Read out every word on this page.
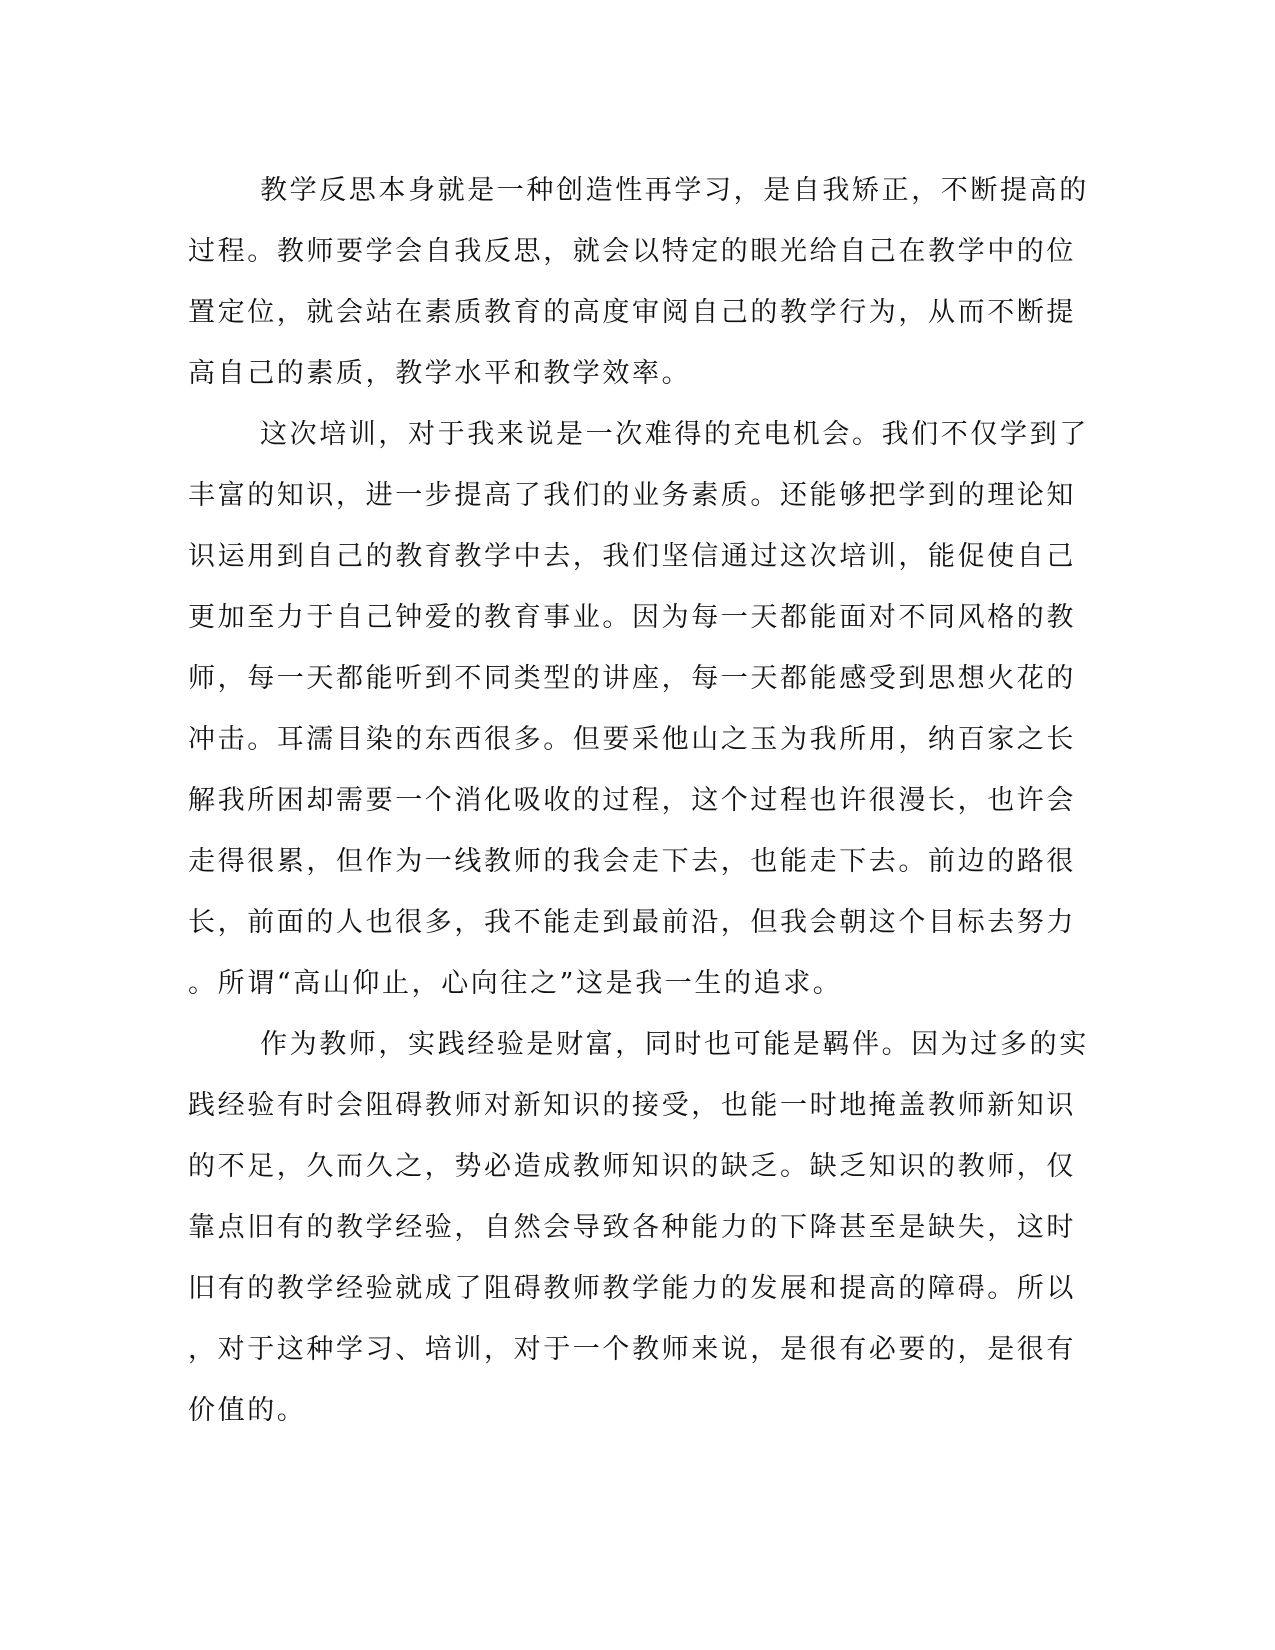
教学反思本身就是一种创造性再学习，是自我矫正，不断提高的
过程。教师要学会自我反思，就会以特定的眼光给自己在教学中的位
置定位，就会站在素质教育的高度审阅自己的教学行为，从而不断提
高自己的素质，教学水平和教学效率。
这次培训，对于我来说是一次难得的充电机会。我们不仅学到了
丰富的知识，进一步提高了我们的业务素质。还能够把学到的理论知
识运用到自己的教育教学中去，我们坚信通过这次培训，能促使自己
更加至力于自己钟爱的教育事业。因为每一天都能面对不同风格的教
师，每一天都能听到不同类型的讲座，每一天都能感受到思想火花的
冲击。耳濡目染的东西很多。但要采他山之玉为我所用，纳百家之长
解我所困却需要一个消化吸收的过程，这个过程也许很漫长，也许会
走得很累，但作为一线教师的我会走下去，也能走下去。前边的路很
长，前面的人也很多，我不能走到最前沿，但我会朝这个目标去努力
。所谓“高山仰止，心向往之”这是我一生的追求。
作为教师，实践经验是财富，同时也可能是羁伴。因为过多的实
践经验有时会阻碍教师对新知识的接受，也能一时地掩盖教师新知识
的不足，久而久之，势必造成教师知识的缺乏。缺乏知识的教师，仅
靠点旧有的教学经验，自然会导致各种能力的下降甚至是缺失，这时
旧有的教学经验就成了阻碍教师教学能力的发展和提高的障碍。所以
，对于这种学习、培训，对于一个教师来说，是很有必要的，是很有
价值的。
